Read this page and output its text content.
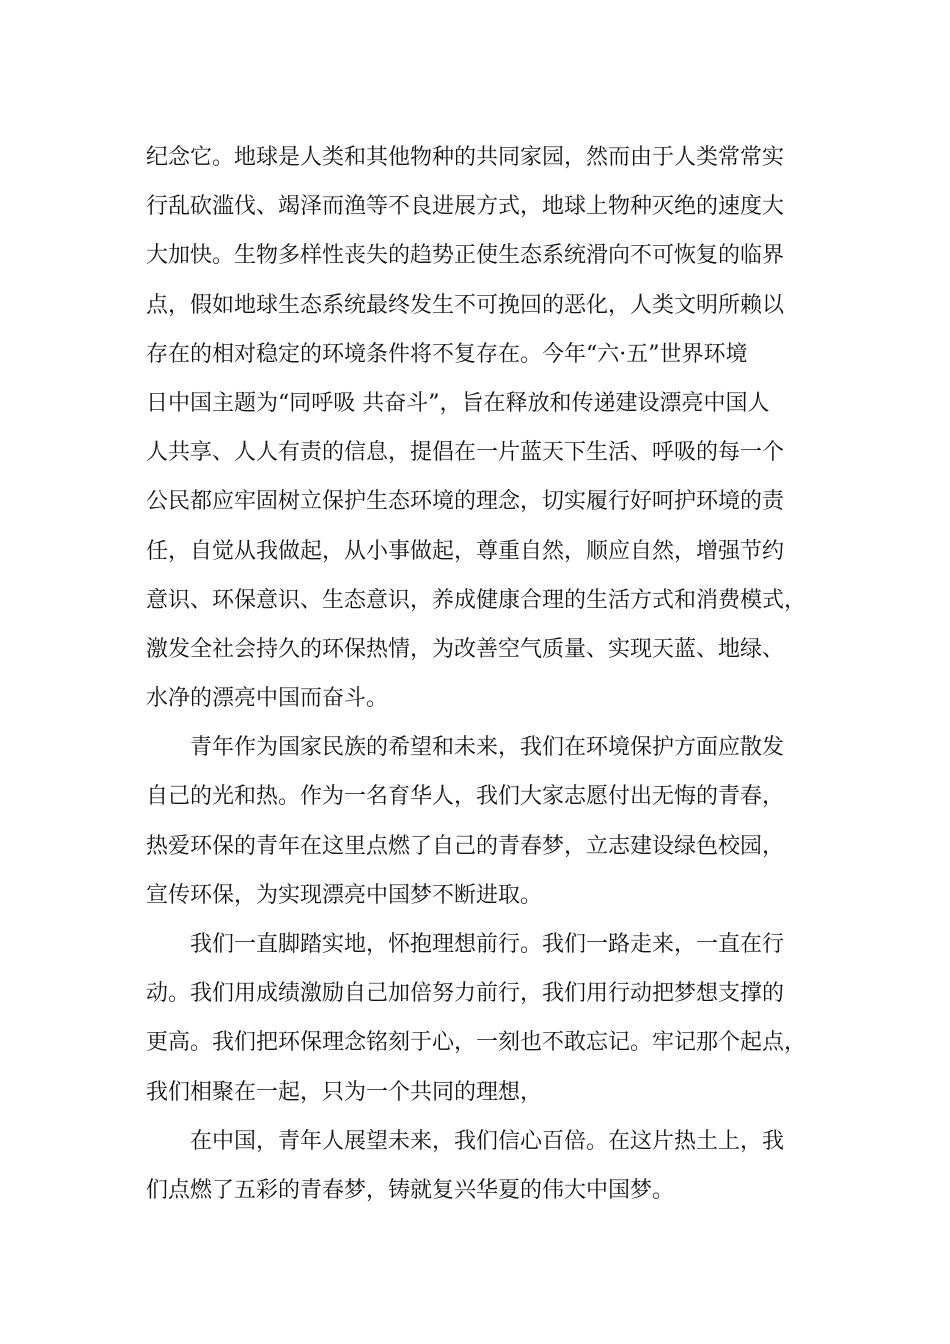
纪念它。地球是人类和其他物种的共同家园，然而由于人类常常实
行乱砍滥伐、竭泽而渔等不良进展方式，地球上物种灭绝的速度大
大加快。生物多样性丧失的趋势正使生态系统滑向不可恢复的临界
点，假如地球生态系统最终发生不可挽回的恶化，人类文明所赖以
存在的相对稳定的环境条件将不复存在。今年“六·五”世界环境
日中国主题为“同呼吸 共奋斗”，旨在释放和传递建设漂亮中国人
人共享、人人有责的信息，提倡在一片蓝天下生活、呼吸的每一个
公民都应牢固树立保护生态环境的理念，切实履行好呵护环境的责
任，自觉从我做起，从小事做起，尊重自然，顺应自然，增强节约
意识、环保意识、生态意识，养成健康合理的生活方式和消费模式，
激发全社会持久的环保热情，为改善空气质量、实现天蓝、地绿、
水净的漂亮中国而奋斗。
青年作为国家民族的希望和未来，我们在环境保护方面应散发
自己的光和热。作为一名育华人，我们大家志愿付出无悔的青春，
热爱环保的青年在这里点燃了自己的青春梦，立志建设绿色校园，
宣传环保，为实现漂亮中国梦不断进取。
我们一直脚踏实地，怀抱理想前行。我们一路走来，一直在行
动。我们用成绩激励自己加倍努力前行，我们用行动把梦想支撑的
更高。我们把环保理念铭刻于心，一刻也不敢忘记。牢记那个起点，
我们相聚在一起，只为一个共同的理想，
在中国，青年人展望未来，我们信心百倍。在这片热土上，我
们点燃了五彩的青春梦，铸就复兴华夏的伟大中国梦。
